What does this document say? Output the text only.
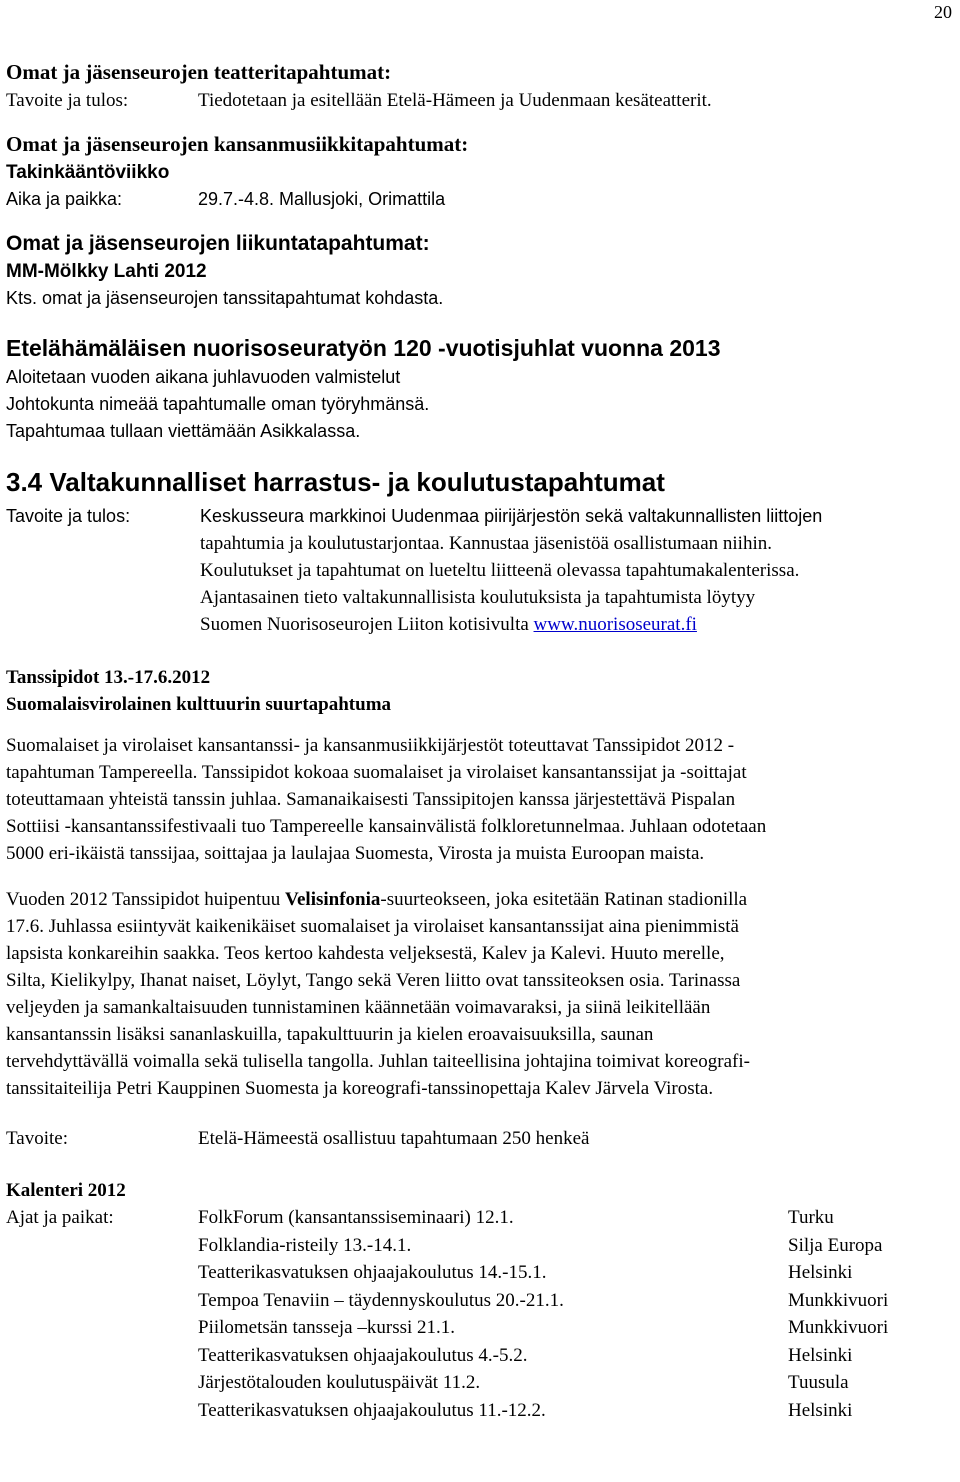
20

Omat ja jäsenseurojen teatteritapahtumat:

Tavoite ja tulos:	Tiedotetaan ja esitellään Etelä-Hämeen ja Uudenmaan kesäteatterit.

Omat ja jäsenseurojen kansanmusiikkitapahtumat:

Takinkääntöviikko

Aika ja paikka:	29.7.-4.8. Mallusjoki, Orimattila

Omat ja jäsenseurojen liikuntatapahtumat:

MM-Mölkky Lahti 2012

Kts. omat ja jäsenseurojen tanssitapahtumat kohdasta.

Etelähämäläisen nuorisoseuratyön 120 -vuotisjuhlat vuonna 2013

Aloitetaan vuoden aikana juhlavuoden valmistelut

Johtokunta nimeää tapahtumalle oman työryhmänsä.

Tapahtumaa tullaan viettämään Asikkalassa.

3.4 Valtakunnalliset harrastus- ja koulutustapahtumat

Tavoite ja tulos:	Keskusseura markkinoi Uudenmaa piirijärjestön sekä valtakunnallisten liittojen

tapahtumia ja koulutustarjontaa. Kannustaa jäsenistöä osallistumaan niihin.

Koulutukset ja tapahtumat on lueteltu liitteenä olevassa tapahtumakalenterissa.

Ajantasainen tieto valtakunnallisista koulutuksista ja tapahtumista löytyy

Suomen Nuorisoseurojen Liiton kotisivulta www.nuorisoseurat.fi

Tanssipidot 13.-17.6.2012

Suomalaisvirolainen kulttuurin suurtapahtuma

Suomalaiset ja virolaiset kansantanssi- ja kansanmusiikkijärjestöt toteuttavat Tanssipidot 2012 -

tapahtuman Tampereella. Tanssipidot kokoaa suomalaiset ja virolaiset kansantanssijat ja -soittajat

toteuttamaan yhteistä tanssin juhlaa. Samanaikaisesti Tanssipitojen kanssa järjestettävä Pispalan

Sottiisi -kansantanssifestivaali tuo Tampereelle kansainvälistä folkloretunnelmaa. Juhlaan odotetaan

5000 eri-ikäistä tanssijaa, soittajaa ja laulajaa Suomesta, Virosta ja muista Euroopan maista.

Vuoden 2012 Tanssipidot huipentuu Velisinfonia-suurteokseen, joka esitetään Ratinan stadionilla

17.6. Juhlassa esiintyvät kaikenikäiset suomalaiset ja virolaiset kansantanssijat aina pienimmistä

lapsista konkareihin saakka. Teos kertoo kahdesta veljeksestä, Kalev ja Kalevi. Huuto merelle,

Silta, Kielikylpy, Ihanat naiset, Löylyt, Tango sekä Veren liitto ovat tanssiteoksen osia. Tarinassa

veljeyden ja samankaltaisuuden tunnistaminen käännetään voimavaraksi, ja siinä leikitellään

kansantanssin lisäksi sananlaskuilla, tapakulttuurin ja kielen eroavaisuuksilla, saunan

tervehdyttävällä voimalla sekä tulisella tangolla. Juhlan taiteellisina johtajina toimivat koreografi-

tanssitaiteilija Petri Kauppinen Suomesta ja koreografi-tanssinopettaja Kalev Järvela Virosta.

Tavoite:	Etelä-Hämeestä osallistuu tapahtumaan 250 henkeä

Kalenteri 2012

Ajat ja paikat:	FolkForum (kansantanssiseminaari) 12.1.	Turku
Folklandia-risteily 13.-14.1.	Silja Europa
Teatterikasvatuksen ohjaajakoulutus 14.-15.1.	Helsinki
Tempoa Tenaviin – täydennyskoulutus 20.-21.1.	Munkkivuori
Piilometsän tansseja –kurssi 21.1.	Munkkivuori
Teatterikasvatuksen ohjaajakoulutus 4.-5.2.	Helsinki
Järjestötalouden koulutuspäivät 11.2.	Tuusula
Teatterikasvatuksen ohjaajakoulutus 11.-12.2.	Helsinki
